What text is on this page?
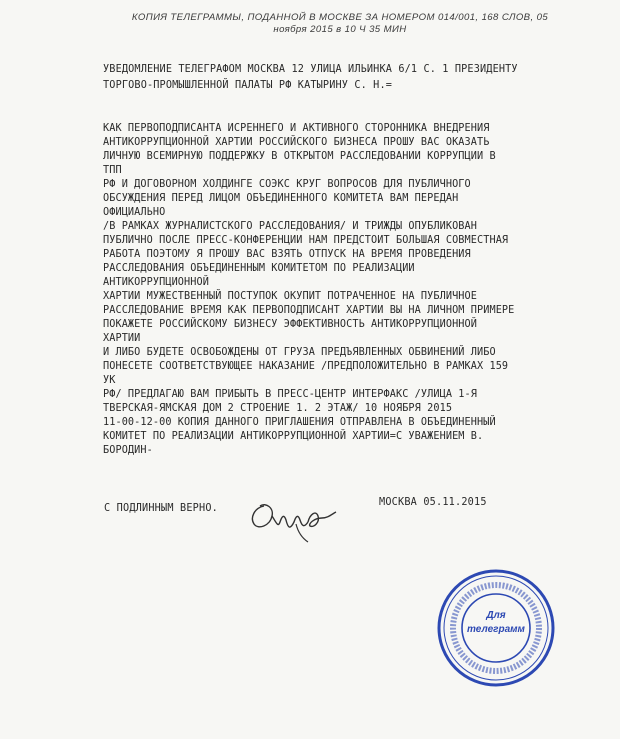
КОПИЯ ТЕЛЕГРАММЫ, ПОДАННОЙ В МОСКВЕ ЗА НОМЕРОМ 014/001, 168 СЛОВ, 05
ноября 2015 в 10 Ч 35 МИН
УВЕДОМЛЕНИЕ ТЕЛЕГРАФОМ МОСКВА 12 УЛИЦА ИЛЬИНКА 6/1 С. 1 ПРЕЗИДЕНТУ
ТОРГОВО-ПРОМЫШЛЕННОЙ ПАЛАТЫ РФ КАТЫРИНУ С. Н.=
КАК ПЕРВОПОДПИСАНТА ИСРЕННЕГО И АКТИВНОГО СТОРОННИКА ВНЕДРЕНИЯ
АНТИКОРРУПЦИОННОЙ ХАРТИИ РОССИЙСКОГО БИЗНЕСА ПРОШУ ВАС ОКАЗАТЬ
ЛИЧНУЮ ВСЕМИРНУЮ ПОДДЕРЖКУ В ОТКРЫТОМ РАССЛЕДОВАНИИ КОРРУПЦИИ В
ТПП
РФ И ДОГОВОРНОМ ХОЛДИНГЕ СОЭКС КРУГ ВОПРОСОВ ДЛЯ ПУБЛИЧНОГО
ОБСУЖДЕНИЯ ПЕРЕД ЛИЦОМ ОБЪЕДИНЕННОГО КОМИТЕТА ВАМ ПЕРЕДАН
ОФИЦИАЛЬНО
/В РАМКАХ ЖУРНАЛИСТСКОГО РАССЛЕДОВАНИЯ/ И ТРИЖДЫ ОПУБЛИКОВАН
ПУБЛИЧНО ПОСЛЕ ПРЕСС-КОНФЕРЕНЦИИ НАМ ПРЕДСТОИТ БОЛЬШАЯ СОВМЕСТНАЯ
РАБОТА ПОЭТОМУ Я ПРОШУ ВАС ВЗЯТЬ ОТПУСК НА ВРЕМЯ ПРОВЕДЕНИЯ
РАССЛЕДОВАНИЯ ОБЪЕДИНЕННЫМ КОМИТЕТОМ ПО РЕАЛИЗАЦИИ
АНТИКОРРУПЦИОННОЙ
ХАРТИИ МУЖЕСТВЕННЫЙ ПОСТУПОК ОКУПИТ ПОТРАЧЕННОЕ НА ПУБЛИЧНОЕ
РАССЛЕДОВАНИЕ ВРЕМЯ КАК ПЕРВОПОДПИСАНТ ХАРТИИ ВЫ НА ЛИЧНОМ ПРИМЕРЕ
ПОКАЖЕТЕ РОССИЙСКОМУ БИЗНЕСУ ЭФФЕКТИВНОСТЬ АНТИКОРРУПЦИОННОЙ
ХАРТИИ
И ЛИБО БУДЕТЕ ОСВОБОЖДЕНЫ ОТ ГРУЗА ПРЕДЪЯВЛЕННЫХ ОБВИНЕНИЙ ЛИБО
ПОНЕСЕТЕ СООТВЕТСТВУЮЩЕЕ НАКАЗАНИЕ /ПРЕДПОЛОЖИТЕЛЬНО В РАМКАХ 159
УК
РФ/ ПРЕДЛАГАЮ ВАМ ПРИБЫТЬ В ПРЕСС-ЦЕНТР ИНТЕРФАКС /УЛИЦА 1-Я
ТВЕРСКАЯ-ЯМСКАЯ ДОМ 2 СТРОЕНИЕ 1. 2 ЭТАЖ/ 10 НОЯБРЯ 2015
11-00-12-00 КОПИЯ ДАННОГО ПРИГЛАШЕНИЯ ОТПРАВЛЕНА В ОБЪЕДИНЕННЫЙ
КОМИТЕТ ПО РЕАЛИЗАЦИИ АНТИКОРРУПЦИОННОЙ ХАРТИИ=С УВАЖЕНИЕМ В.
БОРОДИН-
С ПОДЛИННЫМ ВЕРНО.
МОСКВА 05.11.2015
Для
телеграмм
